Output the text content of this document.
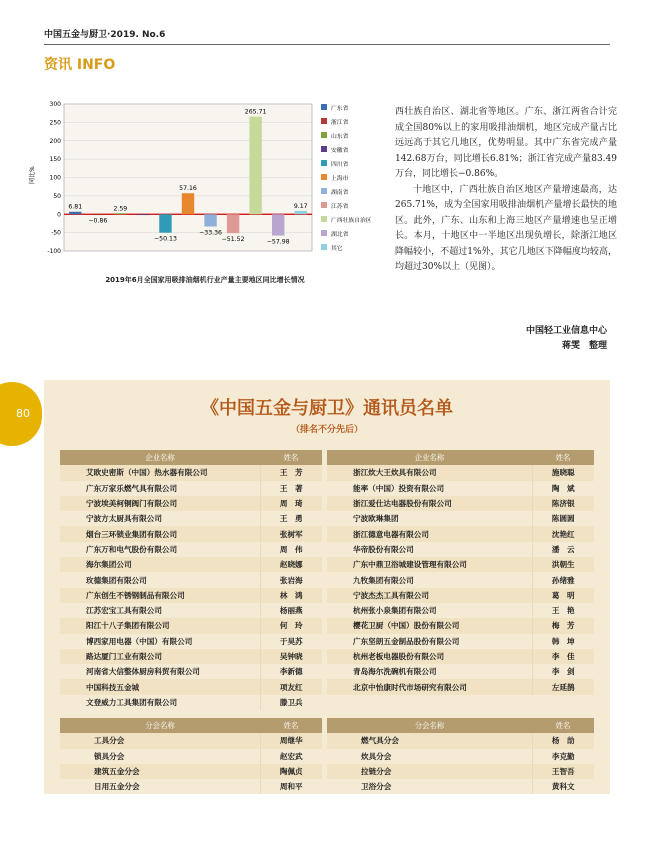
中国五金与厨卫·2019. No.6
资讯 INFO
300
250
200
150
100
50
0
-50
-100
6.81
−0.86
2.59
−50.13
57.16
−33.36
−51.52
265.71
−57.98
9.17
广东省
浙江省
山东省
安徽省
四川省
上海市
湖南省
江苏省
广西壮族自治区
湖北省
其它
同比%
2019年6月全国家用吸排油烟机行业产量主要地区同比增长情况

西壮族自治区、湖北省等地区。广东、浙江两省合计完成全国80%以上的家用吸排油烟机，地区完成产量占比远远高于其它几地区，优势明显。其中广东省完成产量142.68万台，同比增长6.81%；浙江省完成产量83.49万台，同比增长−0.86%。

十地区中，广西壮族自治区地区产量增速最高，达265.71%，成为全国家用吸排油烟机产量增长最快的地区。此外，广东、山东和上海三地区产量增速也呈正增长。本月，十地区中一半地区出现负增长，除浙江地区降幅较小，不超过1%外，其它几地区下降幅度均较高，均超过30%以上（见图）。

中国轻工业信息中心
蒋雯　整理
《中国五金与厨卫》通讯员名单
（排名不分先后）
企业名称	姓名
艾欧史密斯（中国）热水器有限公司	王　芳
广东万家乐燃气具有限公司	王　著
宁波埃美柯铜阀门有限公司	周　琦
宁波方太厨具有限公司	王　勇
烟台三环锁业集团有限公司	张树军
广东万和电气股份有限公司	周　伟
海尔集团公司	赵晓娜
玫德集团有限公司	张岩海
广东创生不锈钢制品有限公司	林　鸿
江苏宏宝工具有限公司	杨丽燕
阳江十八子集团有限公司	何　玲
博西家用电器（中国）有限公司	于昊苏
路达厦门工业有限公司	吴钟晓
河南省大信整体厨房科贸有限公司	李新德
中国科技五金城	项友红
文登威力工具集团有限公司	滕卫兵
企业名称	姓名
浙江炊大王炊具有限公司	施晓聪
能率（中国）投资有限公司	陶　斌
浙江爱仕达电器股份有限公司	陈济银
宁波欧琳集团	陈圆圆
浙江德意电器有限公司	沈艳红
华帝股份有限公司	潘　云
广东中鼎卫浴城建设管理有限公司	洪朝生
九牧集团有限公司	孙绪雅
宁波杰杰工具有限公司	葛　明
杭州张小泉集团有限公司	王　艳
樱花卫厨（中国）股份有限公司	梅　芳
广东坚朗五金制品股份有限公司	韩　坤
杭州老板电器股份有限公司	李　佳
青岛海尔洗碗机有限公司	李　剑
北京中怡康时代市场研究有限公司	左延鹊
分会名称	姓名
工具分会	周继华
锁具分会	赵宏武
建筑五金分会	陶佩贞
日用五金分会	周和平
分会名称	姓名
燃气具分会	杨　劼
炊具分会	李克勤
拉链分会	王智吾
卫浴分会	黄科文
80
